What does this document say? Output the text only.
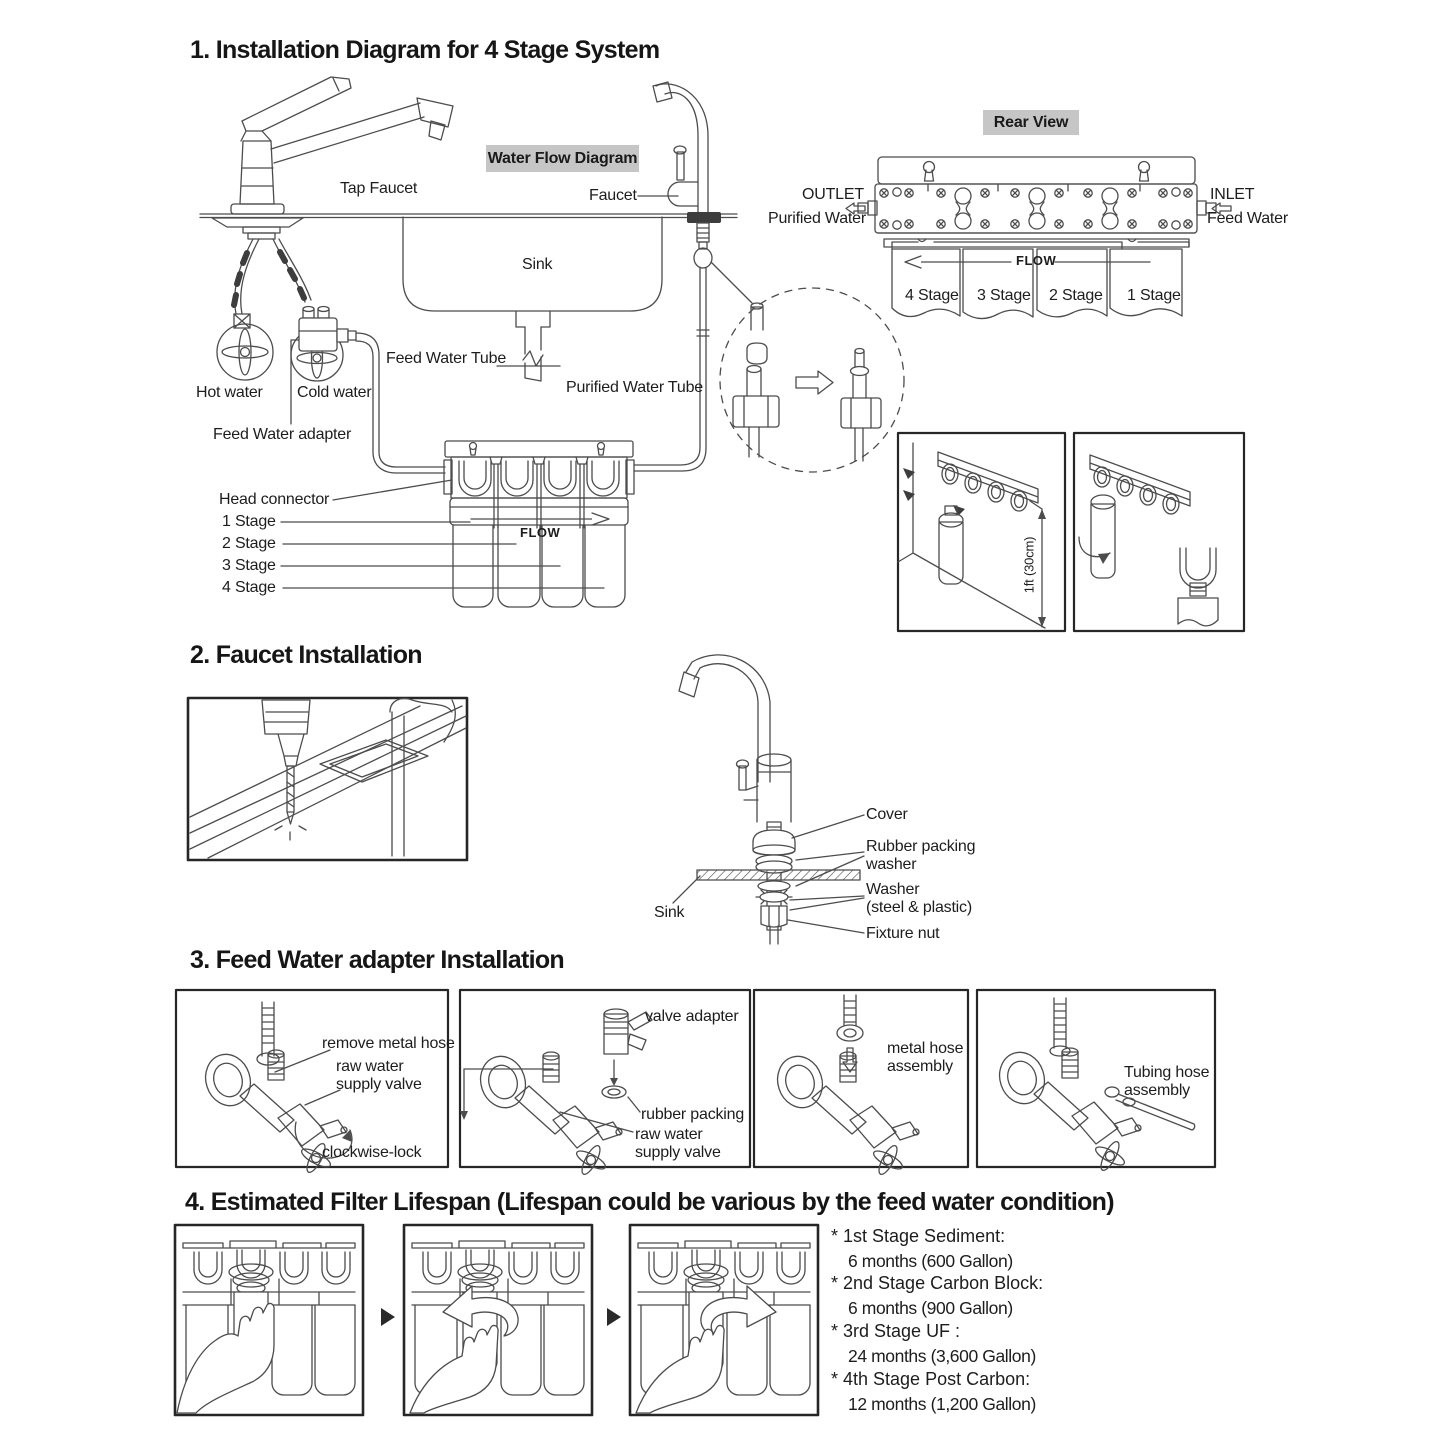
1. Installation Diagram for 4 Stage System
Water Flow Diagram
Rear View
Tap Faucet	Faucet
Sink
Feed Water Tube
Purified Water Tube
Hot water Cold water
Feed Water adapter
Head connector
1 Stage
2 Stage
3 Stage
4 Stage
FLOW
OUTLET
Purified Water
INLET
Feed Water
FLOW
4 Stage 3 Stage 2 Stage 1 Stage
1ft (30cm)
2. Faucet Installation
Cover
Rubber packing
washer
Washer
(steel & plastic)
Fixture nut
Sink
3. Feed Water adapter Installation
remove metal hose
raw water
supply valve
clockwise-lock
valve adapter
rubber packing
raw water
supply valve
metal hose
assembly	Tubing hose
assembly
4. Estimated Filter Lifespan (Lifespan could be various by the feed water condition)
* 1st Stage Sediment:
6 months (600 Gallon)
* 2nd Stage Carbon Block:
6 months (900 Gallon)
* 3rd Stage UF :
24 months (3,600 Gallon)
* 4th Stage Post Carbon:
12 months (1,200 Gallon)
